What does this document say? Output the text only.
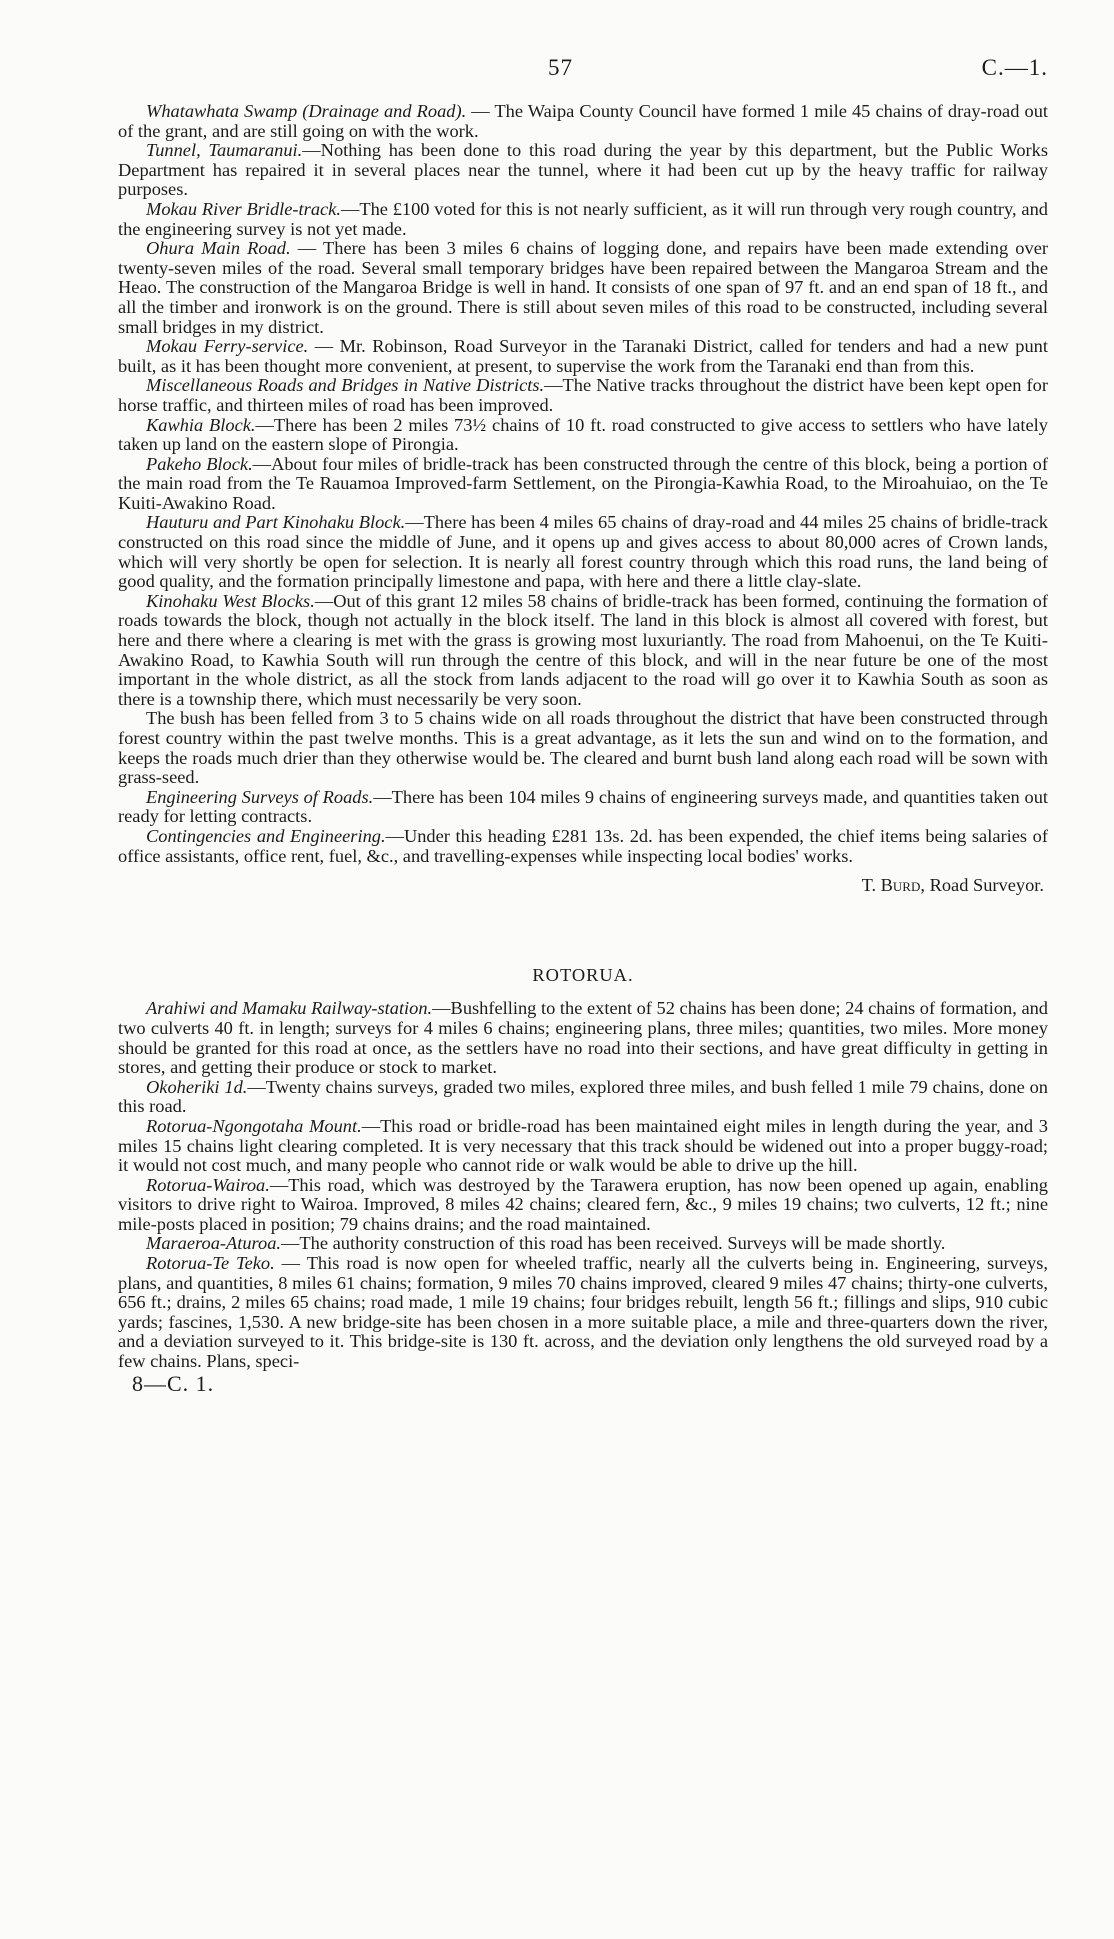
57	C.—1.

Whatawhata Swamp (Drainage and Road). — The Waipa County Council have formed 1 mile 45 chains of dray-road out of the grant, and are still going on with the work.

Tunnel, Taumaranui.—Nothing has been done to this road during the year by this department, but the Public Works Department has repaired it in several places near the tunnel, where it had been cut up by the heavy traffic for railway purposes.

Mokau River Bridle-track.—The £100 voted for this is not nearly sufficient, as it will run through very rough country, and the engineering survey is not yet made.

Ohura Main Road. — There has been 3 miles 6 chains of logging done, and repairs have been made extending over twenty-seven miles of the road. Several small temporary bridges have been repaired between the Mangaroa Stream and the Heao. The construction of the Mangaroa Bridge is well in hand. It consists of one span of 97 ft. and an end span of 18 ft., and all the timber and ironwork is on the ground. There is still about seven miles of this road to be constructed, including several small bridges in my district.

Mokau Ferry-service. — Mr. Robinson, Road Surveyor in the Taranaki District, called for tenders and had a new punt built, as it has been thought more convenient, at present, to supervise the work from the Taranaki end than from this.

Miscellaneous Roads and Bridges in Native Districts.—The Native tracks throughout the district have been kept open for horse traffic, and thirteen miles of road has been improved.

Kawhia Block.—There has been 2 miles 73½ chains of 10 ft. road constructed to give access to settlers who have lately taken up land on the eastern slope of Pirongia.

Pakeho Block.—About four miles of bridle-track has been constructed through the centre of this block, being a portion of the main road from the Te Rauamoa Improved-farm Settlement, on the Pirongia-Kawhia Road, to the Miroahuiao, on the Te Kuiti-Awakino Road.

Hauturu and Part Kinohaku Block.—There has been 4 miles 65 chains of dray-road and 44 miles 25 chains of bridle-track constructed on this road since the middle of June, and it opens up and gives access to about 80,000 acres of Crown lands, which will very shortly be open for selection. It is nearly all forest country through which this road runs, the land being of good quality, and the formation principally limestone and papa, with here and there a little clay-slate.

Kinohaku West Blocks.—Out of this grant 12 miles 58 chains of bridle-track has been formed, continuing the formation of roads towards the block, though not actually in the block itself. The land in this block is almost all covered with forest, but here and there where a clearing is met with the grass is growing most luxuriantly. The road from Mahoenui, on the Te Kuiti-Awakino Road, to Kawhia South will run through the centre of this block, and will in the near future be one of the most important in the whole district, as all the stock from lands adjacent to the road will go over it to Kawhia South as soon as there is a township there, which must necessarily be very soon.

The bush has been felled from 3 to 5 chains wide on all roads throughout the district that have been constructed through forest country within the past twelve months. This is a great advantage, as it lets the sun and wind on to the formation, and keeps the roads much drier than they otherwise would be. The cleared and burnt bush land along each road will be sown with grass-seed.

Engineering Surveys of Roads.—There has been 104 miles 9 chains of engineering surveys made, and quantities taken out ready for letting contracts.

Contingencies and Engineering.—Under this heading £281 13s. 2d. has been expended, the chief items being salaries of office assistants, office rent, fuel, &c., and travelling-expenses while inspecting local bodies' works.

T. Burd, Road Surveyor.

ROTORUA.

Arahiwi and Mamaku Railway-station.—Bushfelling to the extent of 52 chains has been done; 24 chains of formation, and two culverts 40 ft. in length; surveys for 4 miles 6 chains; engineering plans, three miles; quantities, two miles. More money should be granted for this road at once, as the settlers have no road into their sections, and have great difficulty in getting in stores, and getting their produce or stock to market.

Okoheriki 1d.—Twenty chains surveys, graded two miles, explored three miles, and bush felled 1 mile 79 chains, done on this road.

Rotorua-Ngongotaha Mount.—This road or bridle-road has been maintained eight miles in length during the year, and 3 miles 15 chains light clearing completed. It is very necessary that this track should be widened out into a proper buggy-road; it would not cost much, and many people who cannot ride or walk would be able to drive up the hill.

Rotorua-Wairoa.—This road, which was destroyed by the Tarawera eruption, has now been opened up again, enabling visitors to drive right to Wairoa. Improved, 8 miles 42 chains; cleared fern, &c., 9 miles 19 chains; two culverts, 12 ft.; nine mile-posts placed in position; 79 chains drains; and the road maintained.

Maraeroa-Aturoa.—The authority construction of this road has been received. Surveys will be made shortly.

Rotorua-Te Teko. — This road is now open for wheeled traffic, nearly all the culverts being in. Engineering, surveys, plans, and quantities, 8 miles 61 chains; formation, 9 miles 70 chains improved, cleared 9 miles 47 chains; thirty-one culverts, 656 ft.; drains, 2 miles 65 chains; road made, 1 mile 19 chains; four bridges rebuilt, length 56 ft.; fillings and slips, 910 cubic yards; fascines, 1,530. A new bridge-site has been chosen in a more suitable place, a mile and three-quarters down the river, and a deviation surveyed to it. This bridge-site is 130 ft. across, and the deviation only lengthens the old surveyed road by a few chains. Plans, speci-

8—C. 1.
